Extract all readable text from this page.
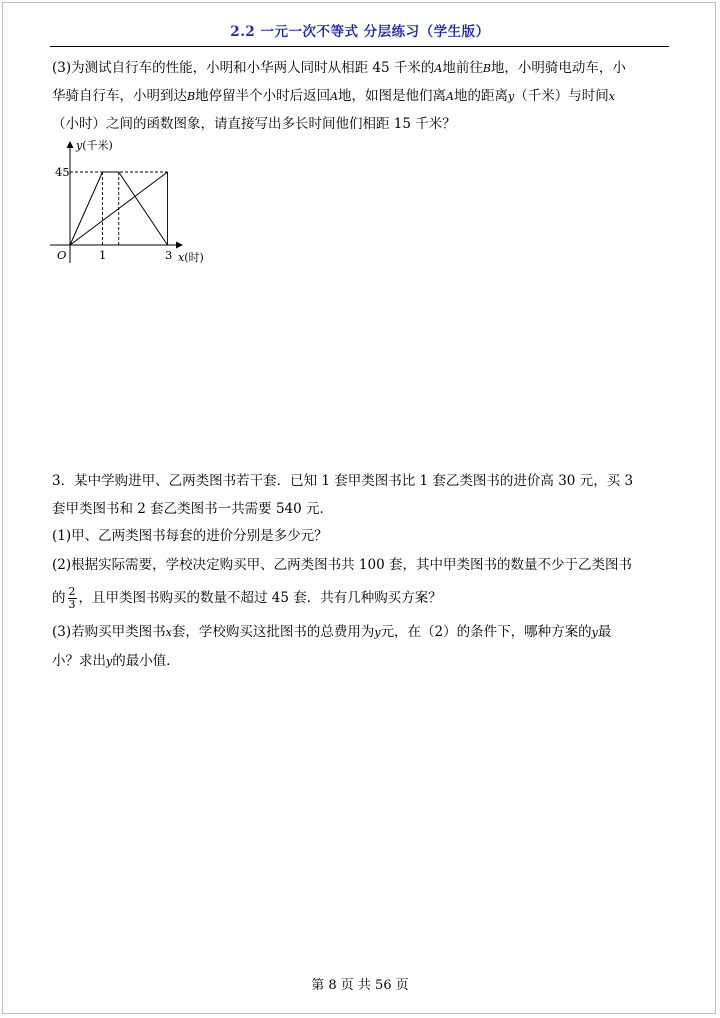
2.2 一元一次不等式 分层练习（学生版）
(3)为测试自行车的性能，小明和小华两人同时从相距 45 千米的A地前往B地，小明骑电动车，小
华骑自行车，小明到达B地停留半个小时后返回A地，如图是他们离A地的距离y（千米）与时间x
（小时）之间的函数图象，请直接写出多长时间他们相距 15 千米？
y(千米)
x(时)
O
45
1	3
3．某中学购进甲、乙两类图书若干套．已知 1 套甲类图书比 1 套乙类图书的进价高 30 元，买 3
套甲类图书和 2 套乙类图书一共需要 540 元．
(1)甲、乙两类图书每套的进价分别是多少元？
(2)根据实际需要，学校决定购买甲、乙两类图书共 100 套，其中甲类图书的数量不少于乙类图书
的 $\frac{2}{3}$ ，且甲类图书购买的数量不超过 45 套．共有几种购买方案？
(3)若购买甲类图书x套，学校购买这批图书的总费用为y元，在（2）的条件下，哪种方案的y最
小？求出y的最小值．
第 8 页 共 56 页
